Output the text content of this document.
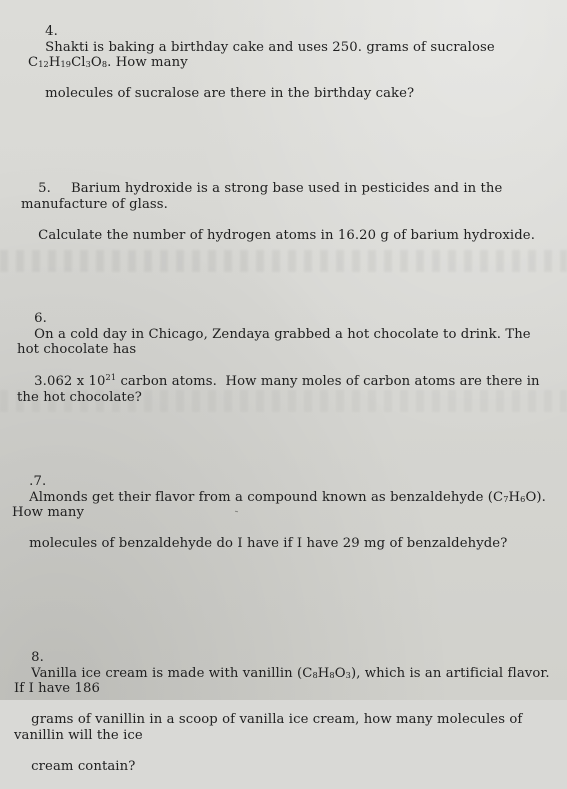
4.
Shakti is baking a birthday cake and uses 250. grams of sucralose C12H19Cl3O8. How many

molecules of sucralose are there in the birthday cake?

5. Barium hydroxide is a strong base used in pesticides and in the manufacture of glass.

Calculate the number of hydrogen atoms in 16.20 g of barium hydroxide.

6.
On a cold day in Chicago, Zendaya grabbed a hot chocolate to drink. The hot chocolate has

3.062 x $10^{21}$ carbon atoms.  How many moles of carbon atoms are there in the hot chocolate?

.7.
Almonds get their flavor from a compound known as benzaldehyde (C7H6O). How many

molecules of benzaldehyde do I have if I have 29 mg of benzaldehyde?

8.
Vanilla ice cream is made with vanillin (C8H8O3), which is an artificial flavor. If I have 186

grams of vanillin in a scoop of vanilla ice cream, how many molecules of vanillin will the ice

cream contain?
